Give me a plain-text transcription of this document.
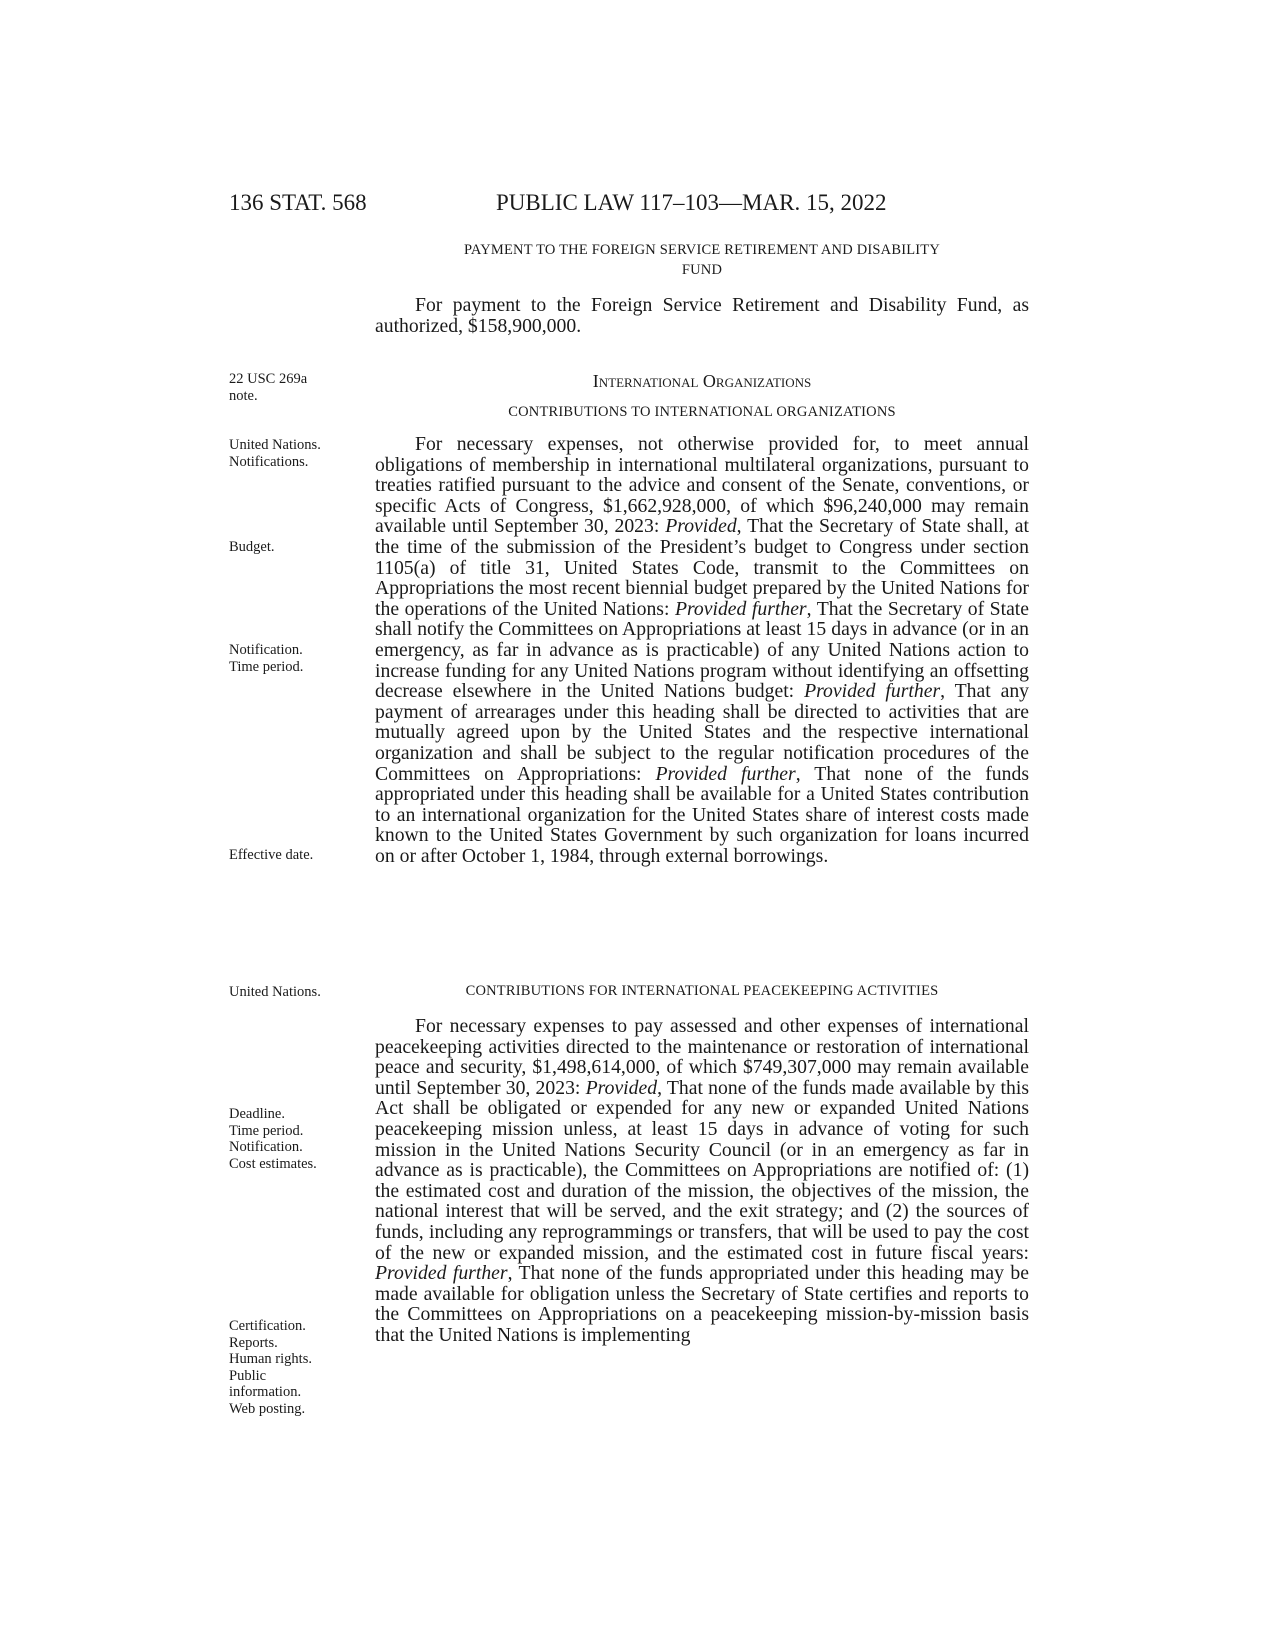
136 STAT. 568	PUBLIC LAW 117–103—MAR. 15, 2022
PAYMENT TO THE FOREIGN SERVICE RETIREMENT AND DISABILITY
FUND

For payment to the Foreign Service Retirement and Disability Fund, as authorized, $158,900,000.

22 USC 269a
note.
International Organizations
CONTRIBUTIONS TO INTERNATIONAL ORGANIZATIONS
United Nations.
Notifications.
Budget.
Notification.
Time period.
Effective date.

For necessary expenses, not otherwise provided for, to meet annual obligations of membership in international multilateral organizations, pursuant to treaties ratified pursuant to the advice and consent of the Senate, conventions, or specific Acts of Congress, $1,662,928,000, of which $96,240,000 may remain available until September 30, 2023: Provided, That the Secretary of State shall, at the time of the submission of the President’s budget to Congress under section 1105(a) of title 31, United States Code, transmit to the Committees on Appropriations the most recent biennial budget prepared by the United Nations for the operations of the United Nations: Provided further, That the Secretary of State shall notify the Committees on Appropriations at least 15 days in advance (or in an emergency, as far in advance as is practicable) of any United Nations action to increase funding for any United Nations program without identifying an offsetting decrease elsewhere in the United Nations budget: Provided further, That any payment of arrearages under this heading shall be directed to activities that are mutually agreed upon by the United States and the respective international organization and shall be subject to the regular notification procedures of the Committees on Appropriations: Provided further, That none of the funds appropriated under this heading shall be available for a United States contribution to an international organization for the United States share of interest costs made known to the United States Government by such organization for loans incurred on or after October 1, 1984, through external borrowings.

United Nations.	CONTRIBUTIONS FOR INTERNATIONAL PEACEKEEPING ACTIVITIES
Deadline.
Time period.
Notification.
Cost estimates.
Certification.
Reports.
Human rights.
Public
information.
Web posting.

For necessary expenses to pay assessed and other expenses of international peacekeeping activities directed to the maintenance or restoration of international peace and security, $1,498,614,000, of which $749,307,000 may remain available until September 30, 2023: Provided, That none of the funds made available by this Act shall be obligated or expended for any new or expanded United Nations peacekeeping mission unless, at least 15 days in advance of voting for such mission in the United Nations Security Council (or in an emergency as far in advance as is practicable), the Committees on Appropriations are notified of: (1) the estimated cost and duration of the mission, the objectives of the mission, the national interest that will be served, and the exit strategy; and (2) the sources of funds, including any reprogrammings or transfers, that will be used to pay the cost of the new or expanded mission, and the estimated cost in future fiscal years: Provided further, That none of the funds appropriated under this heading may be made available for obligation unless the Secretary of State certifies and reports to the Committees on Appropriations on a peacekeeping mission-by-mission basis that the United Nations is implementing
